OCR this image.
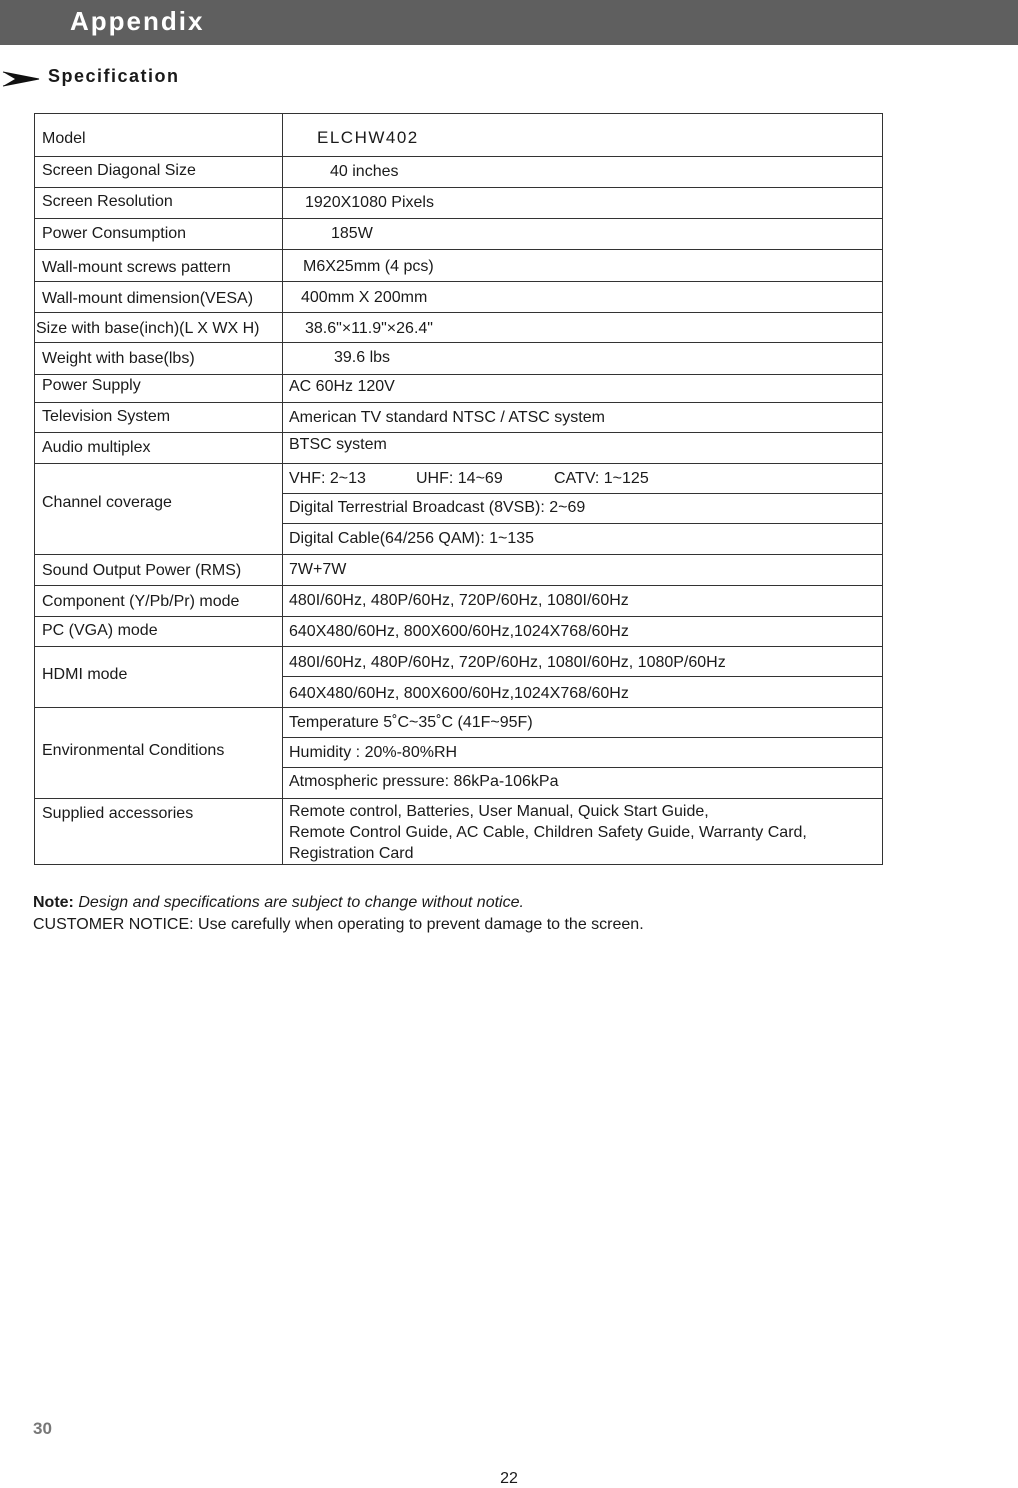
Appendix
Specification
Model
Screen Diagonal Size
Screen Resolution
Power Consumption
Wall-mount screws pattern
Wall-mount dimension(VESA)
Size with base(inch)(L X WX H)
Weight with base(lbs)
Power Supply
Television System
Audio multiplex
Channel coverage
Sound Output Power (RMS)
Component (Y/Pb/Pr) mode
PC (VGA) mode
HDMI mode
Environmental Conditions
Supplied accessories
ELCHW402
40 inches
1920X1080 Pixels
185W
M6X25mm (4 pcs)
400mm X 200mm
38.6"×11.9"×26.4"
39.6 lbs
AC 60Hz 120V
American TV standard NTSC / ATSC system
BTSC system
VHF: 2~13	UHF: 14~69	CATV: 1~125
Digital Terrestrial Broadcast (8VSB): 2~69
Digital Cable(64/256 QAM): 1~135
7W+7W
480I/60Hz, 480P/60Hz, 720P/60Hz, 1080I/60Hz
640X480/60Hz, 800X600/60Hz,1024X768/60Hz
480I/60Hz, 480P/60Hz, 720P/60Hz, 1080I/60Hz, 1080P/60Hz
640X480/60Hz, 800X600/60Hz,1024X768/60Hz
Temperature 5˚C~35˚C (41F~95F)
Humidity : 20%-80%RH
Atmospheric pressure: 86kPa-106kPa
Remote control, Batteries, User Manual, Quick Start Guide,
Remote Control Guide, AC Cable, Children Safety Guide, Warranty Card,
Registration Card
Note: Design and specifications are subject to change without notice.
CUSTOMER NOTICE: Use carefully when operating to prevent damage to the screen.
30
22
